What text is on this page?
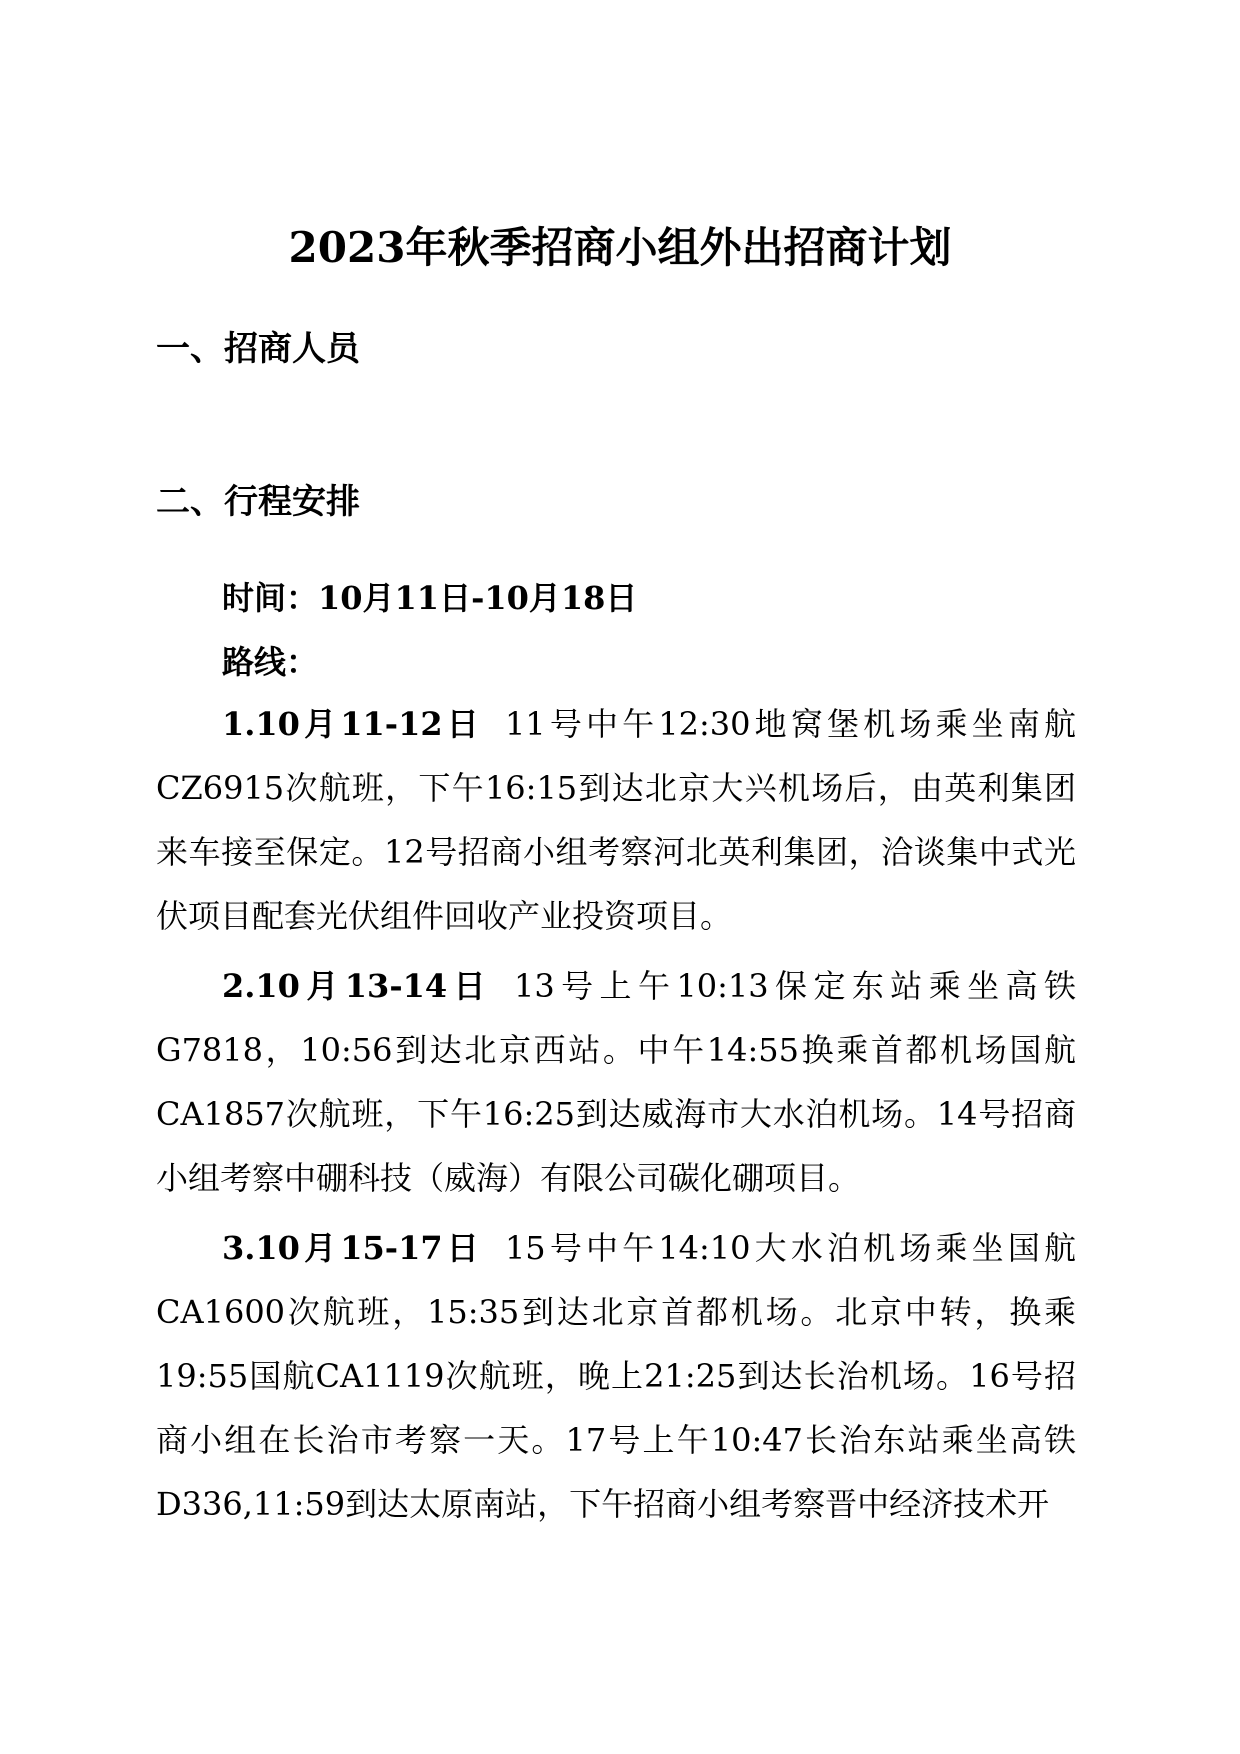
2023年秋季招商小组外出招商计划
一、招商人员
二、行程安排
时间：10月11日-10月18日
路线：
1.10月11-12日 11号中午12:30地窝堡机场乘坐南航CZ6915次航班，下午16:15到达北京大兴机场后，由英利集团来车接至保定。12号招商小组考察河北英利集团，洽谈集中式光伏项目配套光伏组件回收产业投资项目。
2.10月13-14日 13号上午10:13保定东站乘坐高铁G7818，10:56到达北京西站。中午14:55换乘首都机场国航CA1857次航班，下午16:25到达威海市大水泊机场。14号招商小组考察中硼科技（威海）有限公司碳化硼项目。
3.10月15-17日 15号中午14:10大水泊机场乘坐国航CA1600次航班，15:35到达北京首都机场。北京中转，换乘19:55国航CA1119次航班，晚上21:25到达长治机场。16号招商小组在长治市考察一天。17号上午10:47长治东站乘坐高铁D336,11:59到达太原南站，下午招商小组考察晋中经济技术开
